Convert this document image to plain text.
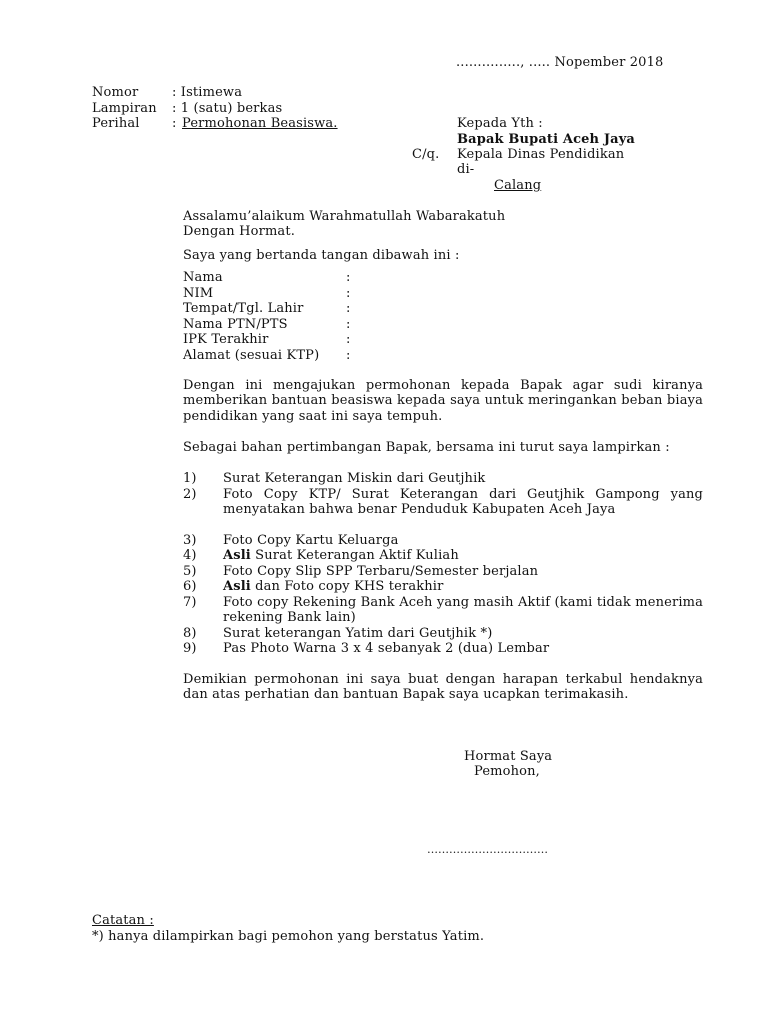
..............., ..... Nopember 2018
Nomor	: Istimewa
Lampiran : 1 (satu) berkas
Perihal : Permohonan Beasiswa.	Kepada Yth :
Bapak Bupati Aceh Jaya
C/q. Kepala Dinas Pendidikan
di-
Calang
Assalamu’alaikum Warahmatullah Wabarakatuh
Dengan Hormat.
Saya yang bertanda tangan dibawah ini :
Nama	:
NIM	:
Tempat/Tgl. Lahir	:
Nama PTN/PTS	:
IPK Terakhir	:
Alamat (sesuai KTP) :
Dengan ini mengajukan permohonan kepada Bapak agar sudi kiranya memberikan bantuan beasiswa kepada saya untuk meringankan beban biaya pendidikan yang saat ini saya tempuh.
Sebagai bahan pertimbangan Bapak, bersama ini turut saya lampirkan :
1) Surat Keterangan Miskin dari Geutjhik
2) Foto Copy KTP/ Surat Keterangan dari Geutjhik Gampong yang menyatakan bahwa benar Penduduk Kabupaten Aceh Jaya
3) Foto Copy Kartu Keluarga
4) Asli Surat Keterangan Aktif Kuliah
5) Foto Copy Slip SPP Terbaru/Semester berjalan
6) Asli dan Foto copy KHS terakhir
7) Foto copy Rekening Bank Aceh yang masih Aktif (kami tidak menerima rekening Bank lain)
8) Surat keterangan Yatim dari Geutjhik *)
9) Pas Photo Warna 3 x 4 sebanyak 2 (dua) Lembar
Demikian permohonan ini saya buat dengan harapan terkabul hendaknya dan atas perhatian dan bantuan Bapak saya ucapkan terimakasih.
Hormat Saya
Pemohon,
……………………………
Catatan :
*) hanya dilampirkan bagi pemohon yang berstatus Yatim.
